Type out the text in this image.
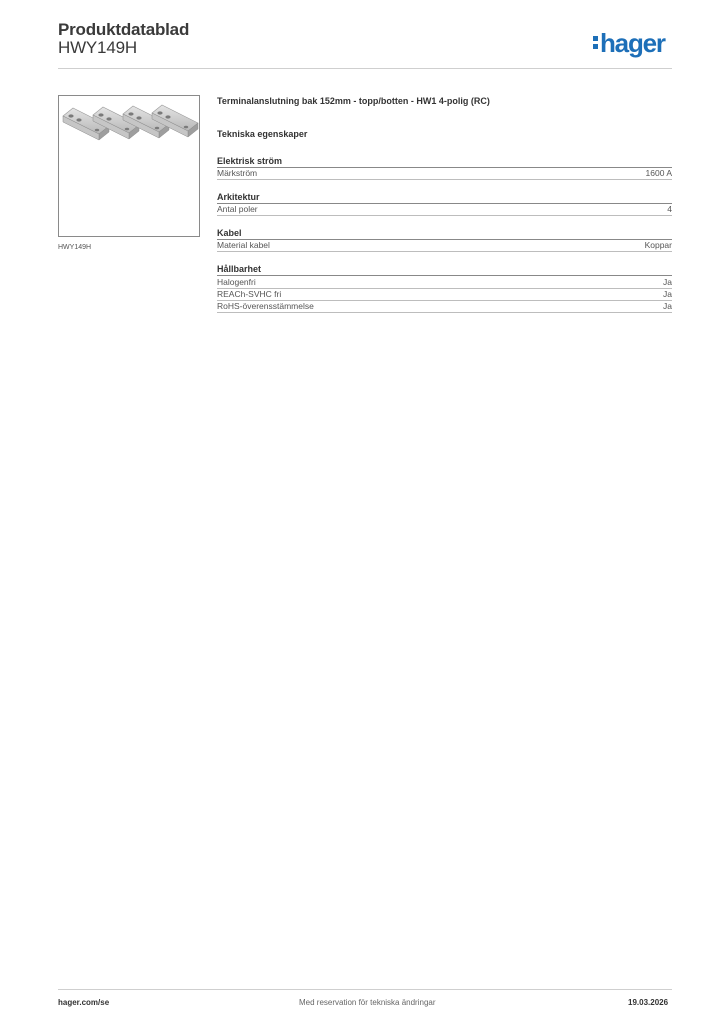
Produktdatablad
HWY149H	hager
HWY149H
Terminalanslutning bak 152mm - topp/botten - HW1 4-polig (RC)
Tekniska egenskaper
Elektrisk ström
Märkström	1600 A
Arkitektur
Antal poler	4
Kabel
Material kabel	Koppar
Hållbarhet
Halogenfri	Ja
REACh-SVHC fri	Ja
RoHS-överensstämmelse	Ja
hager.com/se	Med reservation för tekniska ändringar	19.03.2026
